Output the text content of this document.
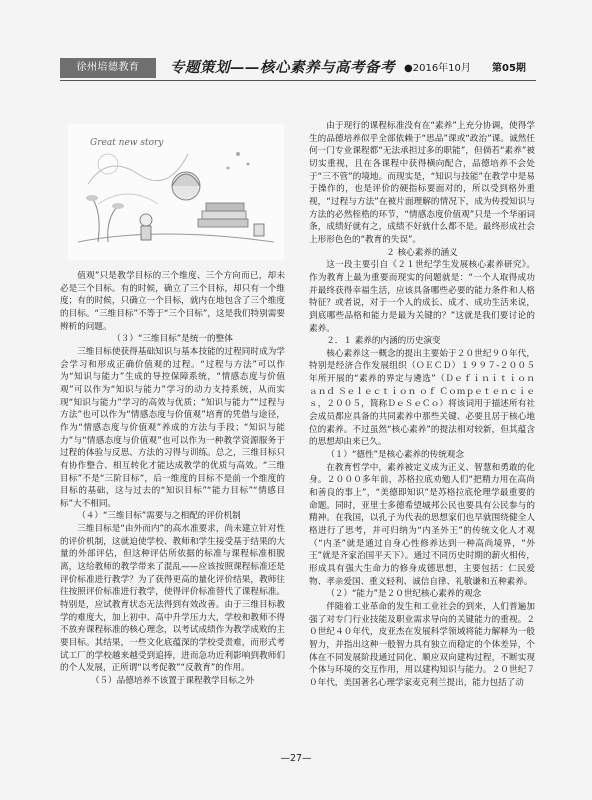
徐州培德教育	专题策划——核心素养与高考备考 ●2016年10月 第05期
Great new story

值观”只是教学目标的三个维度、三个方向而已，却未必是三个目标。有的时候，确立了三个目标，却只有一个维度；有的时候，只确立一个目标，就内在地包含了三个维度的目标。“三维目标”不等于“三个目标”，这是我们特别需要辨析的问题。

（３）“三维目标”是统一的整体

三维目标使获得基础知识与基本技能的过程同时成为学会学习和形成正确价值观的过程。“过程与方法”可以作为“知识与能力”生成的导控保障系统，“情感态度与价值观”可以作为“知识与能力”学习的动力支持系统，从而实现“知识与能力”学习的高效与优质；“知识与能力”“过程与方法”也可以作为“情感态度与价值观”培育的凭借与途径，作为“情感态度与价值观”养成的方法与手段；“知识与能力”与“情感态度与价值观”也可以作为一种教学资源服务于过程的体验与反思、方法的习得与训练。总之，三维目标只有协作整合、相互转化才能达成教学的优质与高效。“三维目标”不是“三阶目标”，后一维度的目标不是前一个维度的目标的基础，这与过去的“知识目标”“能力目标”“情感目标”大不相同。

（４）“三维目标”需要与之相配的评价机制

三维目标是“由外而内”的高水准要求，尚未建立针对性的评价机制，这就迫使学校、教师和学生接受基于结果的大量的外部评估，但这种评估所依据的标准与课程标准相脱离，这给教师的教学带来了混乱——应该按照课程标准还是评价标准进行教学？为了获得更高的量化评价结果，教师往往按照评价标准进行教学，使得评价标准替代了课程标准。特别是，应试教育状态无法得到有效改善。由于三维目标教学的难度大，加上初中、高中升学压力大，学校和教师不得不放弃课程标准的核心理念，以考试成绩作为教学成败的主要目标。其结果，一些文化底蕴深的学校受责难，而形式考试工厂的学校越来越受到追捧，进而急功近利影响到教师们的个人发展，正所谓“以考促教”“反教育”的作用。

（５）品德培养不该置于课程教学目标之外

由于现行的课程标准没有在“素养”上充分协调，使得学生的品德培养似乎全部依赖于“思品”课或“政治”课。诚然任何一门专业课程都“无法承担过多的职能”，但倘若“素养”被切实重视，且在各课程中获得横向配合，品德培养不会处于“三不管”的境地。而现实是，“知识与技能”在教学中是易于操作的，也是评价的硬指标要面对的，所以受到格外重视，“过程与方法”在被片面理解的情况下，成为传授知识与方法的必然桎梏的环节，“情感态度价值观”只是一个华丽词条，成绩好就有之，成绩不好就什么都不是。最终形成社会上形形色色的“教育的失误”。

２ 核心素养的涵义

这一段主要引自《２１世纪学生发展核心素养研究》。作为教育上最为重要而现实的问题就是：“一个人取得成功并最终获得幸福生活，应该具备哪些必要的能力条件和人格特征？或者说，对于一个人的成长、成才、成功生活来说，到底哪些品格和能力是最为关键的？”这就是我们要讨论的素养。

２．１ 素养的内涵的历史演变

核心素养这一概念的提出主要始于２０世纪９０年代，特别是经济合作发展组织（ＯＥＣＤ）１９９７-２００５年所开展的“素养的界定与遴选”（Ｄｅｆｉｎｉｔｉｏｎ ａｎｄ Ｓｅｌｅｃｔｉｏｎ ｏｆ Ｃｏｍｐｅｔｅｎｃｉｅｓ，２００５，简称ＤｅＳｅＣｏ）将该词用于描述所有社会成员都应具备的共同素养中那些关键、必要且居于核心地位的素养。不过虽然“核心素养”的提法相对较新，但其蕴含的思想却由来已久。

（１）“德性”是核心素养的传统观念

在教育哲学中，素养被定义成为正义、智慧和勇敢的化身。２０００多年前，苏格拉底劝勉人们“把精力用在高尚和善良的事上”，“美德即知识”是苏格拉底伦理学最重要的命题。同时，亚里士多德希望城邦公民也要具有公民参与的精神。在我国，以孔子为代表的思想家们也早就围绕健全人格进行了思考，并可归纳为“内圣外王”的传统文化人才观（“内圣”就是通过自身心性修养达到一种高尚境界，“外王”就是齐家治国平天下）。通过不同历史时期的薪火相传，形成具有强大生命力的修身成德思想，主要包括：仁民爱物、孝亲爱国、重义轻利、诚信自律、礼敬谦和五种素养。

（２）“能力”是２０世纪核心素养的观念

伴随着工业革命的发生和工业社会的到来，人们普遍加强了对专门行业技能及职业需求导向的关键能力的重视。２０世纪４０年代，皮亚杰在发展科学领域将能力解释为一般智力，并指出这种一般智力具有独立而稳定的个体差异，个体在不同发展阶段通过同化、顺应双向建构过程，不断实现个体与环境的交互作用，用以建构知识与能力。２０世纪７０年代，美国著名心理学家麦克利兰提出，能力包括了动

—27—
